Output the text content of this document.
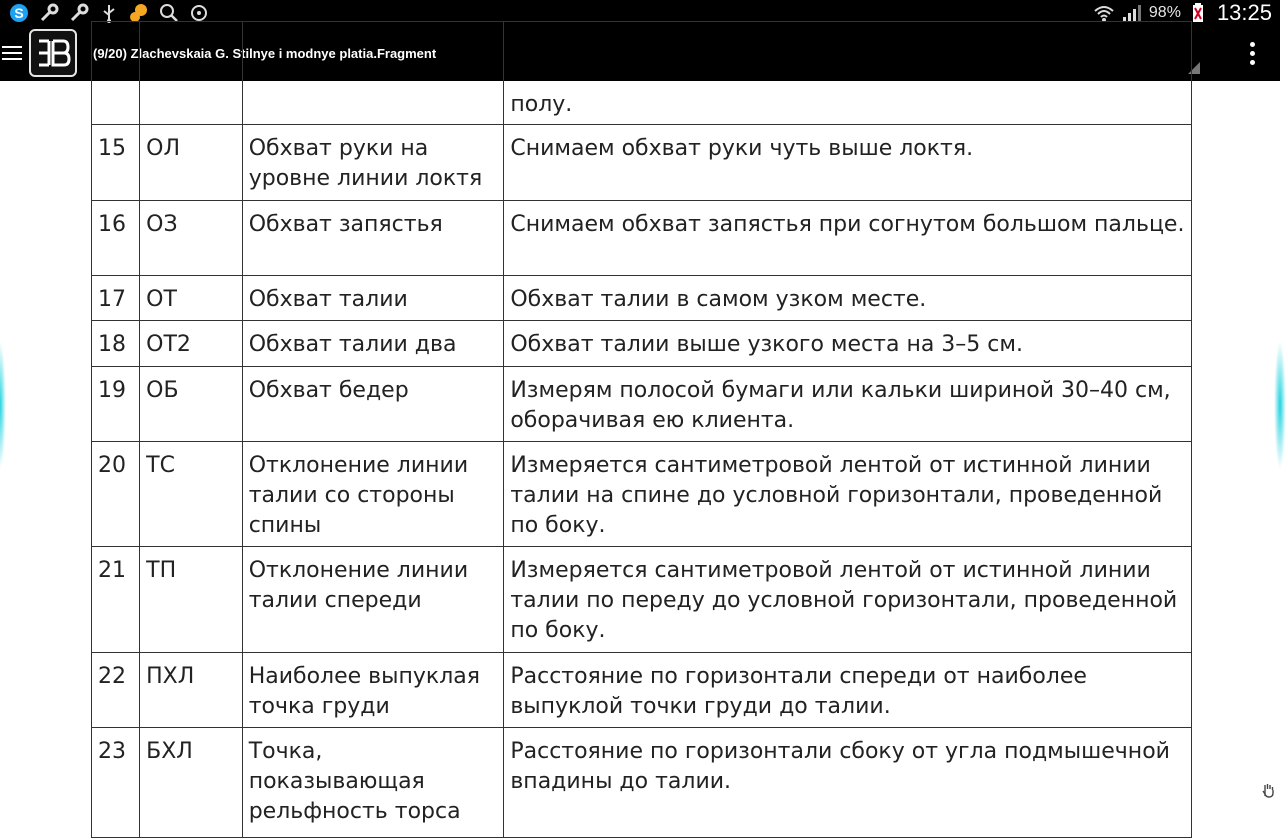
S	98% 13:25
(9/20) Zlachevskaia G. Stilnye i modnye platia.Fragment
			полу.
15	ОЛ	Обхват руки на уровне линии локтя	Снимаем обхват руки чуть выше локтя.
16	ОЗ	Обхват запястья	Снимаем обхват запястья при согнутом большом пальце.
17	ОТ	Обхват талии	Обхват талии в самом узком месте.
18	ОТ2	Обхват талии два	Обхват талии выше узкого места на 3–5 см.
19	ОБ	Обхват бедер	Измерям полосой бумаги или кальки шириной 30–40 см, оборачивая ею клиента.
20	ТС	Отклонение линии талии со стороны спины	Измеряется сантиметровой лентой от истинной линии талии на спине до условной горизонтали, проведенной по боку.
21	ТП	Отклонение линии талии спереди	Измеряется сантиметровой лентой от истинной линии талии по переду до условной горизонтали, проведенной по боку.
22	ПХЛ	Наиболее выпуклая точка груди	Расстояние по горизонтали спереди от наиболее выпуклой точки груди до талии.
23	БХЛ	Точка, показывающая рельфность торса	Расстояние по горизонтали сбоку от угла подмышечной впадины до талии.
